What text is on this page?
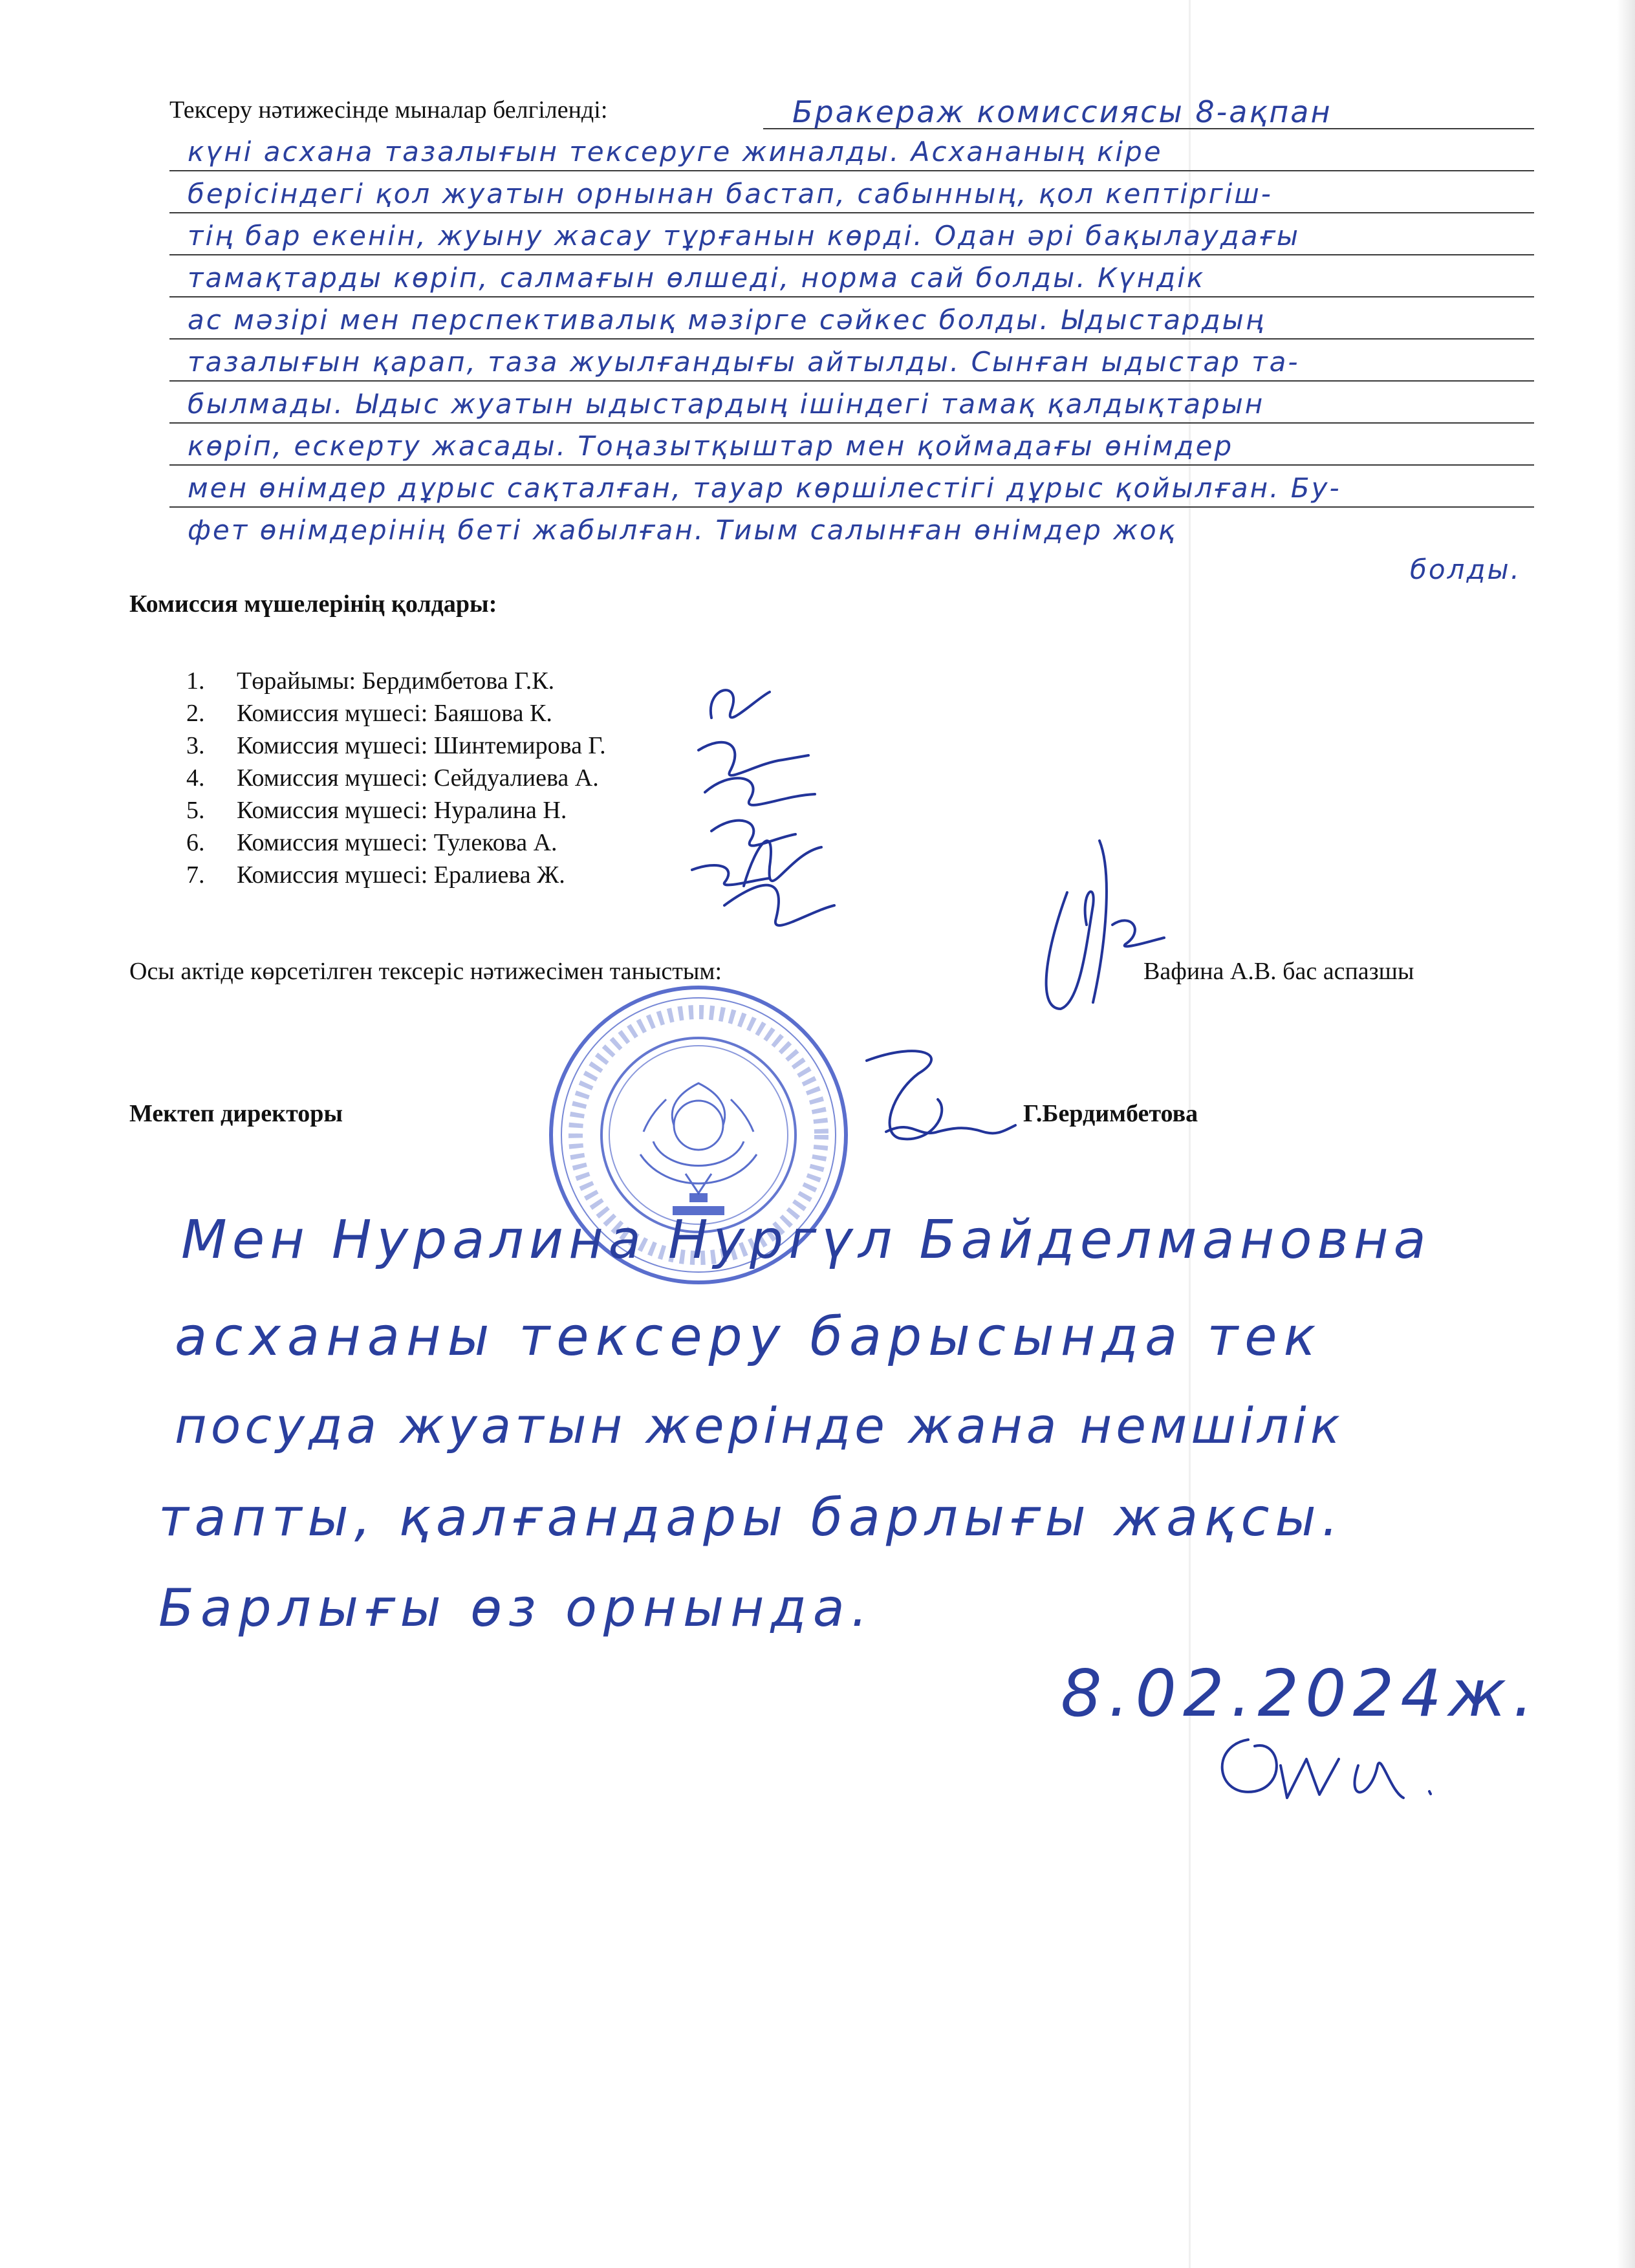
Тексеру нәтижесінде мыналар белгіленді:	Бракераж комиссиясы 8-ақпан
күні асхана тазалығын тексеруге жиналды. Асхананың кіре
берісіндегі қол жуатын орнынан бастап, сабынның, қол кептіргіш-
тің бар екенін, жуыну жасау тұрғанын көрді. Одан әрі бақылаудағы
тамақтарды көріп, салмағын өлшеді, норма сай болды. Күндік
ас мәзірі мен перспективалық мәзірге сәйкес болды. Ыдыстардың
тазалығын қарап, таза жуылғандығы айтылды. Сынған ыдыстар та-
былмады. Ыдыс жуатын ыдыстардың ішіндегі тамақ қалдықтарын
көріп, ескерту жасады. Тоңазытқыштар мен қоймадағы өнімдер
мен өнімдер дұрыс сақталған, тауар көршілестігі дұрыс қойылған. Бу-
фет өнімдерінің беті жабылған. Тиым салынған өнімдер жоқ
болды.
Комиссия мүшелерінің қолдары:
1. Төрайымы: Бердимбетова Г.К.
2. Комиссия мүшесі: Баяшова К.
3. Комиссия мүшесі: Шинтемирова Г.
4. Комиссия мүшесі: Сейдуалиева А.
5. Комиссия мүшесі: Нуралина Н.
6. Комиссия мүшесі: Тулекова А.
7. Комиссия мүшесі: Ералиева Ж.
Осы актіде көрсетілген тексеріс нәтижесімен таныстым:	Вафина А.В. бас аспазшы
Мектеп директоры	Г.Бердимбетова
Мен Нуралина Нургүл Байделмановна
асхананы тексеру барысында тек
посуда жуатын жерінде жана немшілік
тапты, қалғандары барлығы жақсы.
Барлығы өз орнында.
8.02.2024ж.
